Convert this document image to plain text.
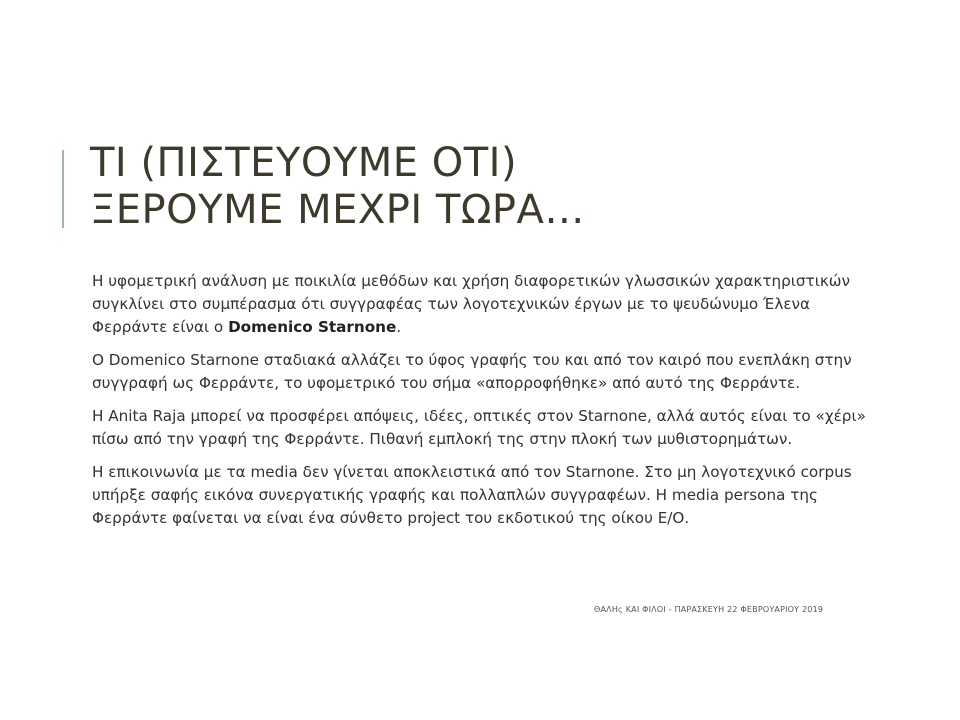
ΤΙ (ΠΙΣΤΕΥΟΥΜΕ ΟΤΙ)
ΞΕΡΟΥΜΕ ΜΕΧΡΙ ΤΩΡΑ…

Η υφομετρική ανάλυση με ποικιλία μεθόδων και χρήση διαφορετικών γλωσσικών χαρακτηριστικών συγκλίνει στο συμπέρασμα ότι συγγραφέας των λογοτεχνικών έργων με το ψευδώνυμο Έλενα Φερράντε είναι ο Domenico Starnone.

Ο Domenico Starnone σταδιακά αλλάζει το ύφος γραφής του και από τον καιρό που ενεπλάκη στην συγγραφή ως Φερράντε, το υφομετρικό του σήμα «απορροφήθηκε» από αυτό της Φερράντε.

Η Anita Raja μπορεί να προσφέρει απόψεις, ιδέες, οπτικές στον Starnone, αλλά αυτός είναι το «χέρι» πίσω από την γραφή της Φερράντε. Πιθανή εμπλοκή της στην πλοκή των μυθιστορημάτων.

Η επικοινωνία με τα media δεν γίνεται αποκλειστικά από τον Starnone. Στο μη λογοτεχνικό corpus υπήρξε σαφής εικόνα συνεργατικής γραφής και πολλαπλών συγγραφέων. Η media persona της Φερράντε φαίνεται να είναι ένα σύνθετο project του εκδοτικού της οίκου Ε/Ο.

ΘΑΛΗς ΚΑΙ ΦΙΛΟΙ - ΠΑΡΑΣΚΕΥΗ 22 ΦΕΒΡΟΥΑΡΙΟΥ 2019
